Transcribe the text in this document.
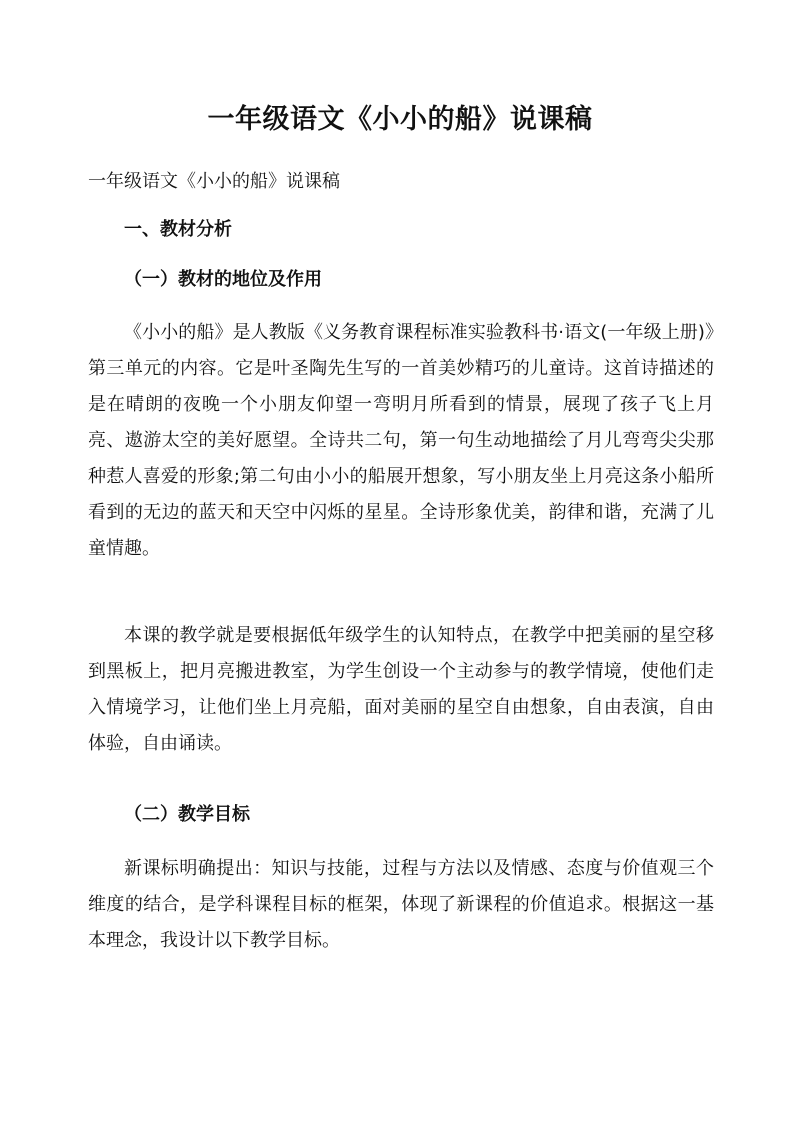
一年级语文《小小的船》说课稿
一年级语文《小小的船》说课稿
一、教材分析
（一）教材的地位及作用
《小小的船》是人教版《义务教育课程标准实验教科书·语文(一年级上册)》第三单元的内容。它是叶圣陶先生写的一首美妙精巧的儿童诗。这首诗描述的是在晴朗的夜晚一个小朋友仰望一弯明月所看到的情景，展现了孩子飞上月亮、遨游太空的美好愿望。全诗共二句，第一句生动地描绘了月儿弯弯尖尖那种惹人喜爱的形象;第二句由小小的船展开想象，写小朋友坐上月亮这条小船所看到的无边的蓝天和天空中闪烁的星星。全诗形象优美，韵律和谐，充满了儿童情趣。
本课的教学就是要根据低年级学生的认知特点，在教学中把美丽的星空移到黑板上，把月亮搬进教室，为学生创设一个主动参与的教学情境，使他们走入情境学习，让他们坐上月亮船，面对美丽的星空自由想象，自由表演，自由体验，自由诵读。
（二）教学目标
新课标明确提出：知识与技能，过程与方法以及情感、态度与价值观三个维度的结合，是学科课程目标的框架，体现了新课程的价值追求。根据这一基本理念，我设计以下教学目标。
